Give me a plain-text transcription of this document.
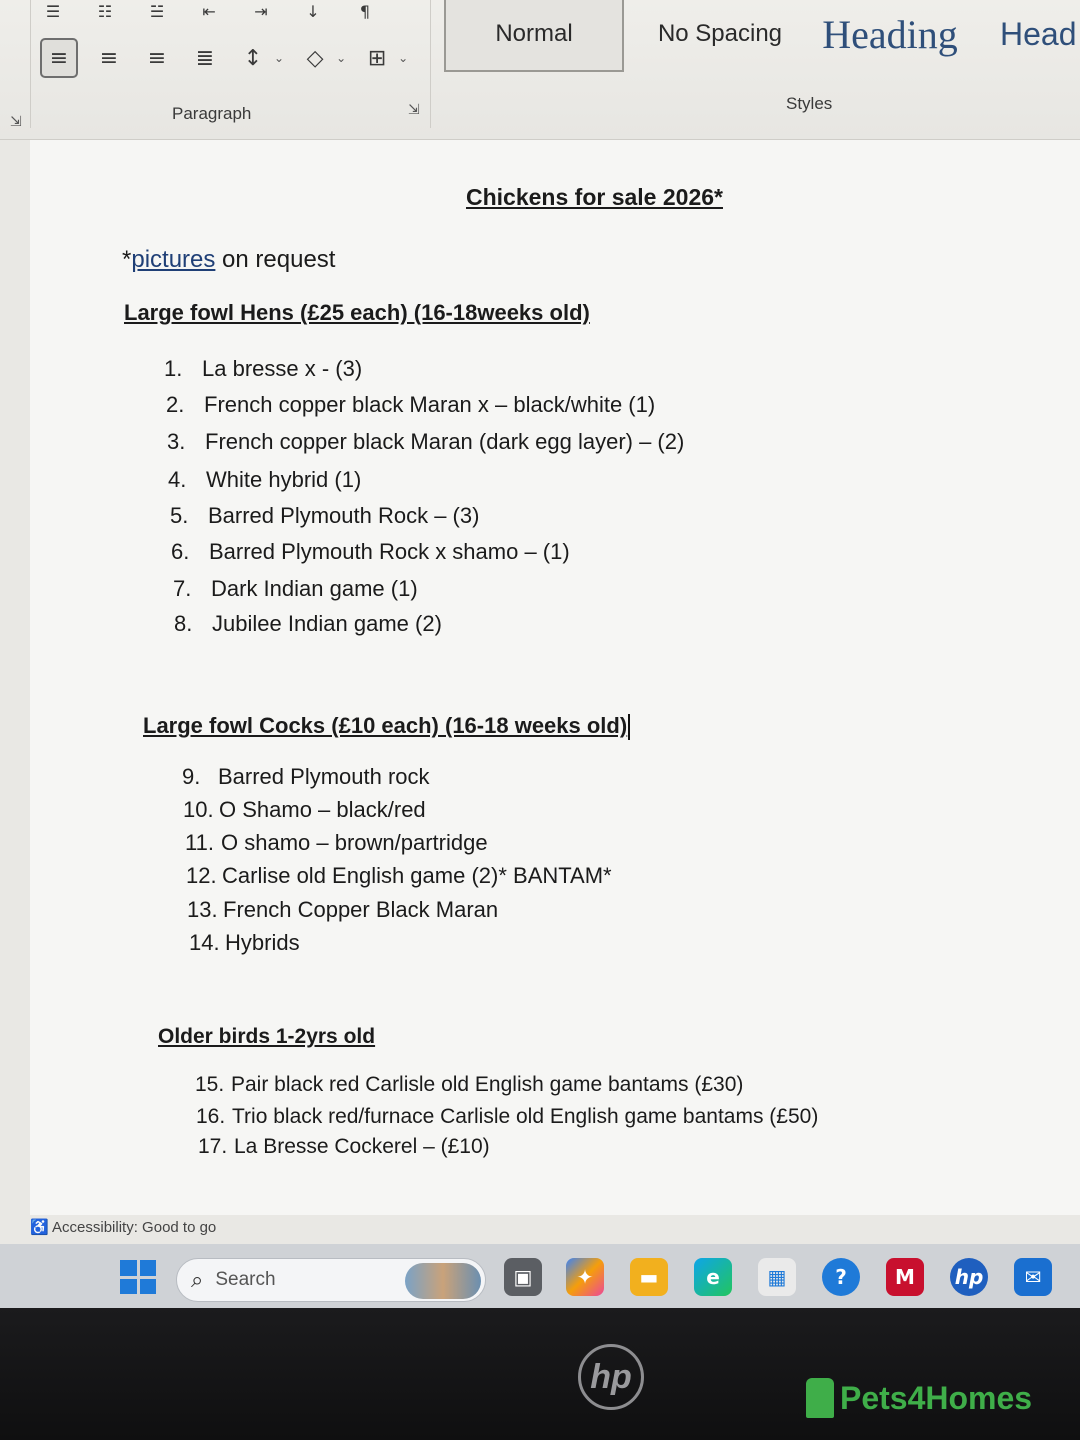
☰	☷	☱	⇤	⇥	↓	¶
≡	≡	≡	≣	↕ ⌄	◇	⌄ ⊞ ⌄
⇲	Paragraph	⇲
Normal	No Spacing	Heading	Head
Styles
Chickens for sale 2026*
*pictures on request
Large fowl Hens (£25 each) (16-18weeks old)
1. La bresse x - (3)
2. French copper black Maran x – black/white (1)
3. French copper black Maran (dark egg layer) – (2)
4. White hybrid (1)
5. Barred Plymouth Rock – (3)
6. Barred Plymouth Rock x shamo – (1)
7. Dark Indian game (1)
8. Jubilee Indian game (2)
Large fowl Cocks (£10 each) (16-18 weeks old)
9. Barred Plymouth rock
10. O Shamo – black/red
11. O shamo – brown/partridge
12. Carlise old English game (2)* BANTAM*
13. French Copper Black Maran
14. Hybrids
Older birds 1-2yrs old
15. Pair black red Carlisle old English game bantams (£30)
16. Trio black red/furnace Carlisle old English game bantams (£50)
17. La Bresse Cockerel – (£10)
♿ Accessibility: Good to go
⌕ Search	▣	✦	▬	e	▦	?	M	hp	✉
hp
Pets4Homes
